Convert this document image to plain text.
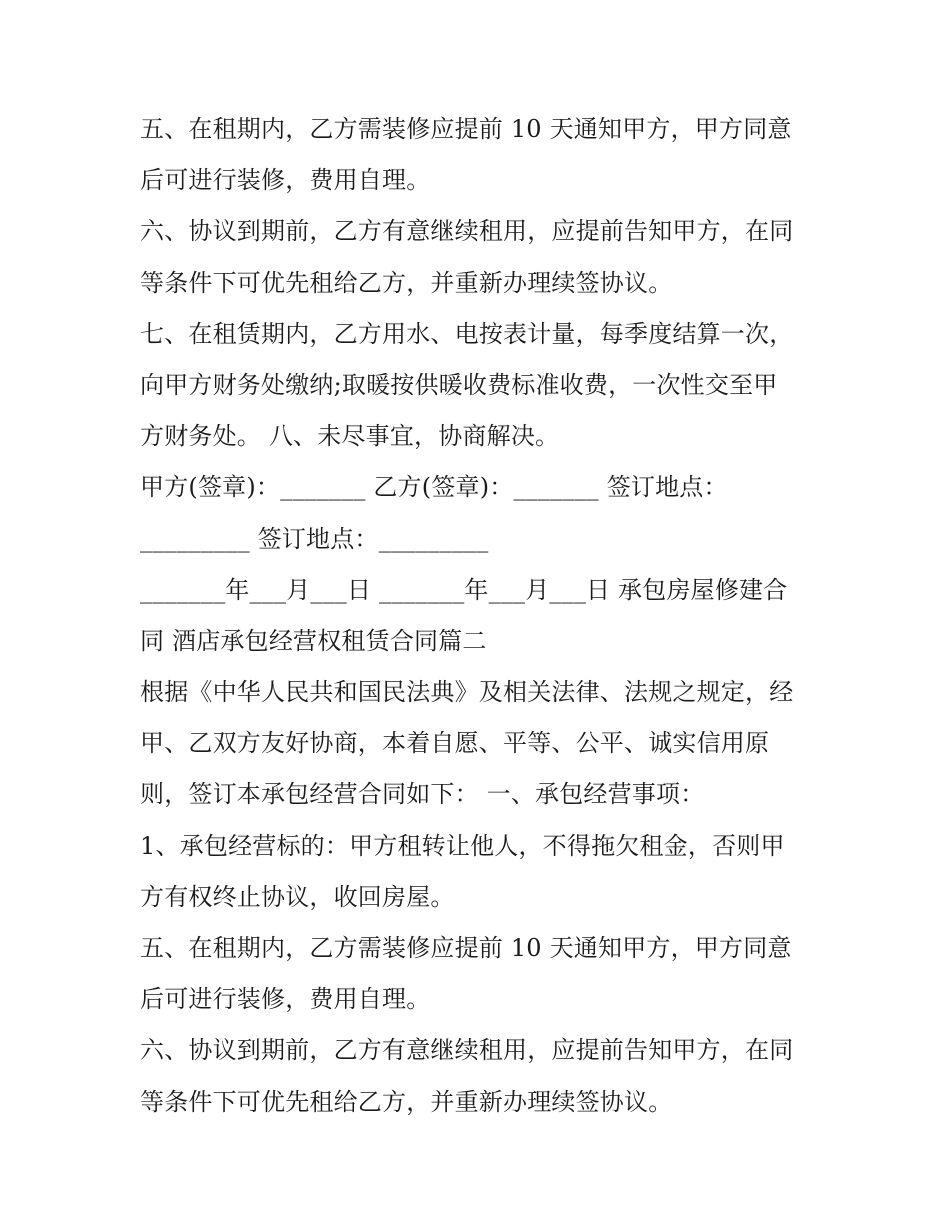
五、在租期内，乙方需装修应提前 10 天通知甲方，甲方同意
后可进行装修，费用自理。
六、协议到期前，乙方有意继续租用，应提前告知甲方，在同
等条件下可优先租给乙方，并重新办理续签协议。
七、在租赁期内，乙方用水、电按表计量，每季度结算一次，
向甲方财务处缴纳;取暖按供暖收费标准收费，一次性交至甲
方财务处。 八、未尽事宜，协商解决。
甲方(签章)：_______ 乙方(签章)：_______ 签订地点：
_________ 签订地点：_________
_______年___月___日 _______年___月___日 承包房屋修建合
同 酒店承包经营权租赁合同篇二
根据《中华人民共和国民法典》及相关法律、法规之规定，经
甲、乙双方友好协商，本着自愿、平等、公平、诚实信用原
则，签订本承包经营合同如下： 一、承包经营事项：
1、承包经营标的：甲方租转让他人，不得拖欠租金，否则甲
方有权终止协议，收回房屋。
五、在租期内，乙方需装修应提前 10 天通知甲方，甲方同意
后可进行装修，费用自理。
六、协议到期前，乙方有意继续租用，应提前告知甲方，在同
等条件下可优先租给乙方，并重新办理续签协议。
